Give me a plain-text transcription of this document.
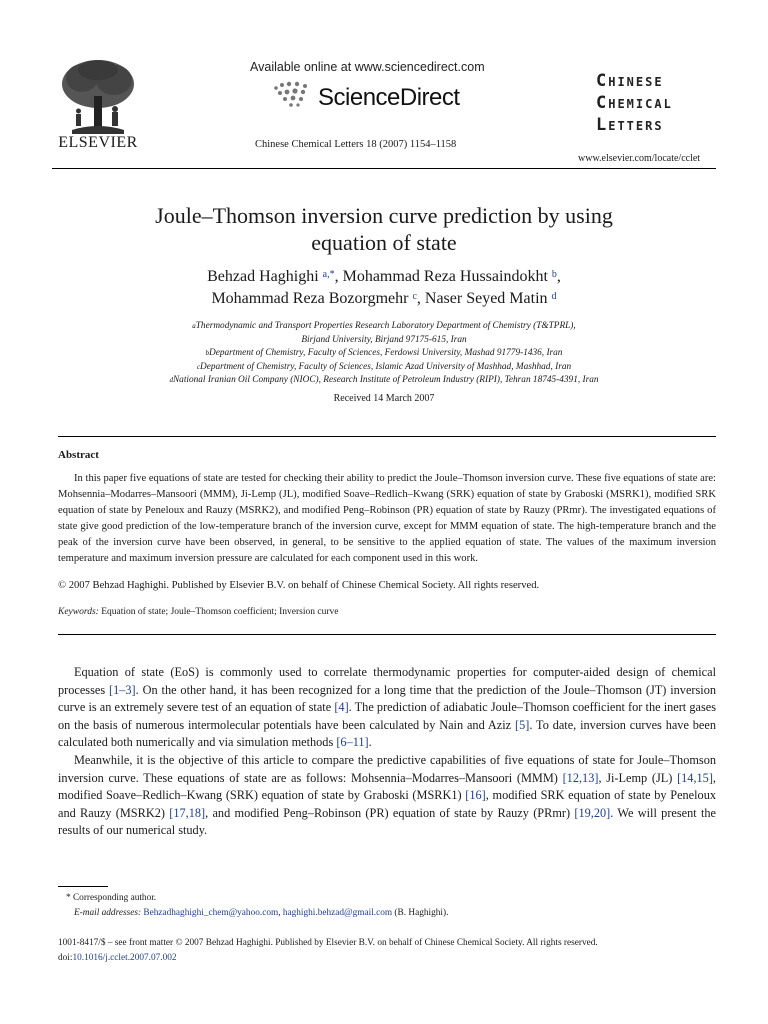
ELSEVIER
Available online at www.sciencedirect.com
ScienceDirect
Chinese Chemical Letters 18 (2007) 1154–1158
Chinese
Chemical
Letters
www.elsevier.com/locate/cclet
Joule–Thomson inversion curve prediction by using
equation of state
Behzad Haghighi $^{a,*}$, Mohammad Reza Hussaindokht $^b$,
Mohammad Reza Bozorgmehr $^c$, Naser Seyed Matin $^d$
$^a$Thermodynamic and Transport Properties Research Laboratory Department of Chemistry (T&TPRL),
Birjand University, Birjand 97175-615, Iran
$^b$Department of Chemistry, Faculty of Sciences, Ferdowsi University, Mashad 91779-1436, Iran
$^c$Department of Chemistry, Faculty of Sciences, Islamic Azad University of Mashhad, Mashhad, Iran
$^d$National Iranian Oil Company (NIOC), Research Institute of Petroleum Industry (RIPI), Tehran 18745-4391, Iran
Received 14 March 2007
Abstract
In this paper five equations of state are tested for checking their ability to predict the Joule–Thomson inversion curve. These five equations of state are: Mohsennia–Modarres–Mansoori (MMM), Ji-Lemp (JL), modified Soave–Redlich–Kwang (SRK) equation of state by Graboski (MSRK1), modified SRK equation of state by Peneloux and Rauzy (MSRK2), and modified Peng–Robinson (PR) equation of state by Rauzy (PRmr). The investigated equations of state give good prediction of the low-temperature branch of the inversion curve, except for MMM equation of state. The high-temperature branch and the peak of the inversion curve have been observed, in general, to be sensitive to the applied equation of state. The values of the maximum inversion temperature and maximum inversion pressure are calculated for each component used in this work.
© 2007 Behzad Haghighi. Published by Elsevier B.V. on behalf of Chinese Chemical Society. All rights reserved.
Keywords: Equation of state; Joule–Thomson coefficient; Inversion curve

Equation of state (EoS) is commonly used to correlate thermodynamic properties for computer-aided design of chemical processes [1–3]. On the other hand, it has been recognized for a long time that the prediction of the Joule–Thomson (JT) inversion curve is an extremely severe test of an equation of state [4]. The prediction of adiabatic Joule–Thomson coefficient for the inert gases on the basis of numerous intermolecular potentials have been calculated by Nain and Aziz [5]. To date, inversion curves have been calculated both numerically and via simulation methods [6–11].

Meanwhile, it is the objective of this article to compare the predictive capabilities of five equations of state for Joule–Thomson inversion curve. These equations of state are as follows: Mohsennia–Modarres–Mansoori (MMM) [12,13], Ji-Lemp (JL) [14,15], modified Soave–Redlich–Kwang (SRK) equation of state by Graboski (MSRK1) [16], modified SRK equation of state by Peneloux and Rauzy (MSRK2) [17,18], and modified Peng–Robinson (PR) equation of state by Rauzy (PRmr) [19,20]. We will present the results of our numerical study.

* Corresponding author.
E-mail addresses: Behzadhaghighi_chem@yahoo.com, haghighi.behzad@gmail.com (B. Haghighi).
1001-8417/$ – see front matter © 2007 Behzad Haghighi. Published by Elsevier B.V. on behalf of Chinese Chemical Society. All rights reserved.
doi:10.1016/j.cclet.2007.07.002
